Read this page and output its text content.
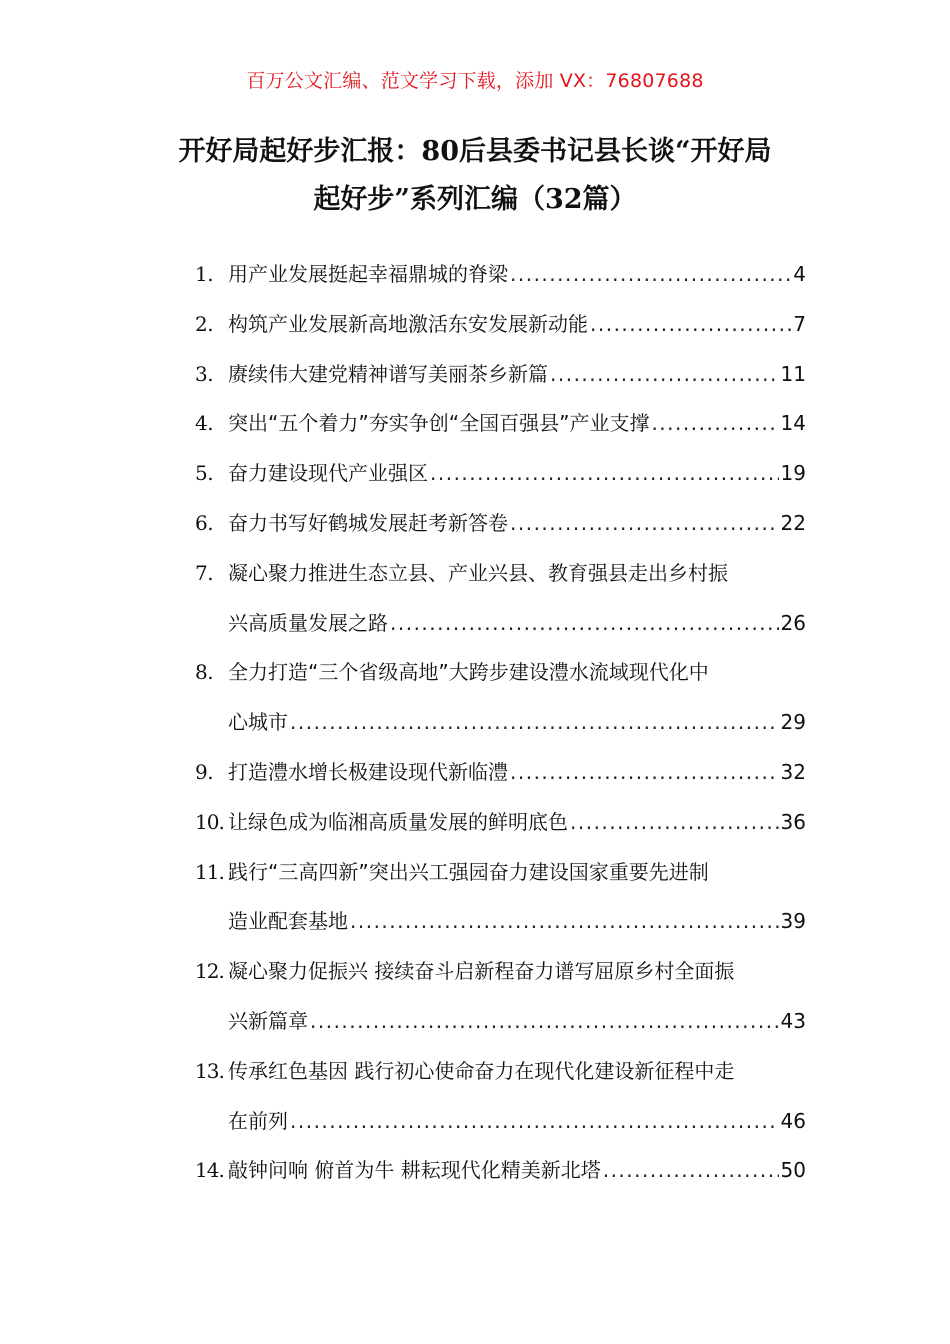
百万公文汇编、范文学习下载，添加 VX：76807688
开好局起好步汇报：80后县委书记县长谈“开好局
起好步”系列汇编（32篇）
1. 用产业发展挺起幸福鼎城的脊梁 .....	4
2. 构筑产业发展新高地激活东安发展新动能 .....	7
3. 赓续伟大建党精神谱写美丽茶乡新篇 .....	11
4. 突出“五个着力”夯实争创“全国百强县”产业支撑 .....	14
5. 奋力建设现代产业强区 .....	19
6. 奋力书写好鹤城发展赶考新答卷 .....	22
7. 凝心聚力推进生态立县、产业兴县、教育强县走出乡村振
兴高质量发展之路 .....	26
8. 全力打造“三个省级高地”大跨步建设澧水流域现代化中
心城市 .....	29
9. 打造澧水增长极建设现代新临澧 .....	32
10. 让绿色成为临湘高质量发展的鲜明底色 .....	36
11. 践行“三高四新”突出兴工强园奋力建设国家重要先进制
造业配套基地 .....	39
12. 凝心聚力促振兴 接续奋斗启新程奋力谱写屈原乡村全面振
兴新篇章 .....	43
13. 传承红色基因 践行初心使命奋力在现代化建设新征程中走
在前列 .....	46
14. 敲钟问响 俯首为牛 耕耘现代化精美新北塔 .....	50
